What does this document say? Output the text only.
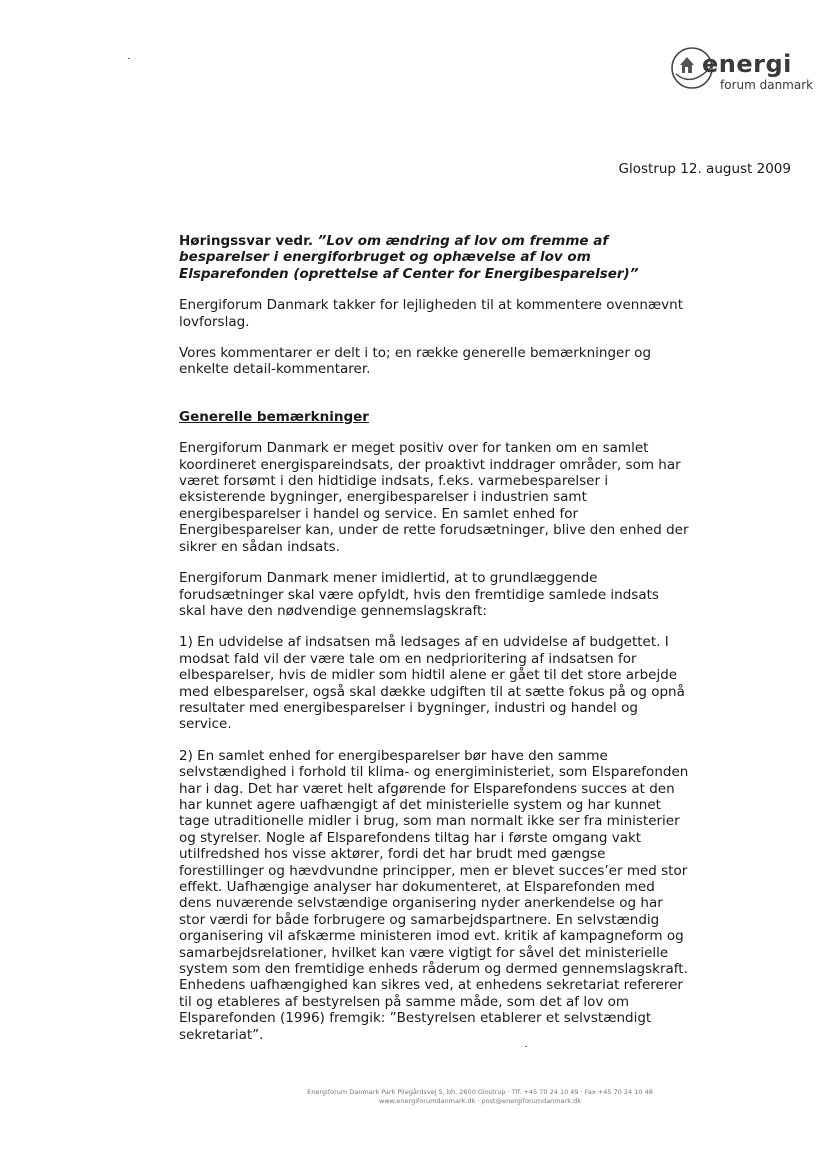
energi
forum danmark
Glostrup 12. august 2009

Høringssvar vedr. ”Lov om ændring af lov om fremme af besparelser i energiforbruget og ophævelse af lov om Elsparefonden (oprettelse af Center for Energibesparelser)”

Energiforum Danmark takker for lejligheden til at kommentere ovennævnt lovforslag.

Vores kommentarer er delt i to; en række generelle bemærkninger og enkelte detail-kommentarer.

Generelle bemærkninger

Energiforum Danmark er meget positiv over for tanken om en samlet koordineret energispareindsats, der proaktivt inddrager områder, som har været forsømt i den hidtidige indsats, f.eks. varmebesparelser i eksisterende bygninger, energibesparelser i industrien samt energibesparelser i handel og service. En samlet enhed for Energibesparelser kan, under de rette forudsætninger, blive den enhed der sikrer en sådan indsats.

Energiforum Danmark mener imidlertid, at to grundlæggende forudsætninger skal være opfyldt, hvis den fremtidige samlede indsats skal have den nødvendige gennemslagskraft:

1) En udvidelse af indsatsen må ledsages af en udvidelse af budgettet. I modsat fald vil der være tale om en nedprioritering af indsatsen for elbesparelser, hvis de midler som hidtil alene er gået til det store arbejde med elbesparelser, også skal dække udgiften til at sætte fokus på og opnå resultater med energibesparelser i bygninger, industri og handel og service.

2) En samlet enhed for energibesparelser bør have den samme selvstændighed i forhold til klima- og energiministeriet, som Elsparefonden har i dag. Det har været helt afgørende for Elsparefondens succes at den har kunnet agere uafhængigt af det ministerielle system og har kunnet tage utraditionelle midler i brug, som man normalt ikke ser fra ministerier og styrelser. Nogle af Elsparefondens tiltag har i første omgang vakt utilfredshed hos visse aktører, fordi det har brudt med gængse forestillinger og hævdvundne principper, men er blevet succes’er med stor effekt. Uafhængige analyser har dokumenteret, at Elsparefonden med dens nuværende selvstændige organisering nyder anerkendelse og har stor værdi for både forbrugere og samarbejdspartnere. En selvstændig organisering vil afskærme ministeren imod evt. kritik af kampagneform og samarbejdsrelationer, hvilket kan være vigtigt for såvel det ministerielle system som den fremtidige enheds råderum og dermed gennemslagskraft. Enhedens uafhængighed kan sikres ved, at enhedens sekretariat refererer til og etableres af bestyrelsen på samme måde, som det af lov om Elsparefonden (1996) fremgik: ”Bestyrelsen etablerer et selvstændigt sekretariat”.

Energiforum Danmark Park Pilegårdsvej 5, bh. 2600 Glostrup · Tlf. +45 70 24 10 49 · Fax +45 70 24 10 48
www.energiforumdanmark.dk · post@energiforumdanmark.dk
